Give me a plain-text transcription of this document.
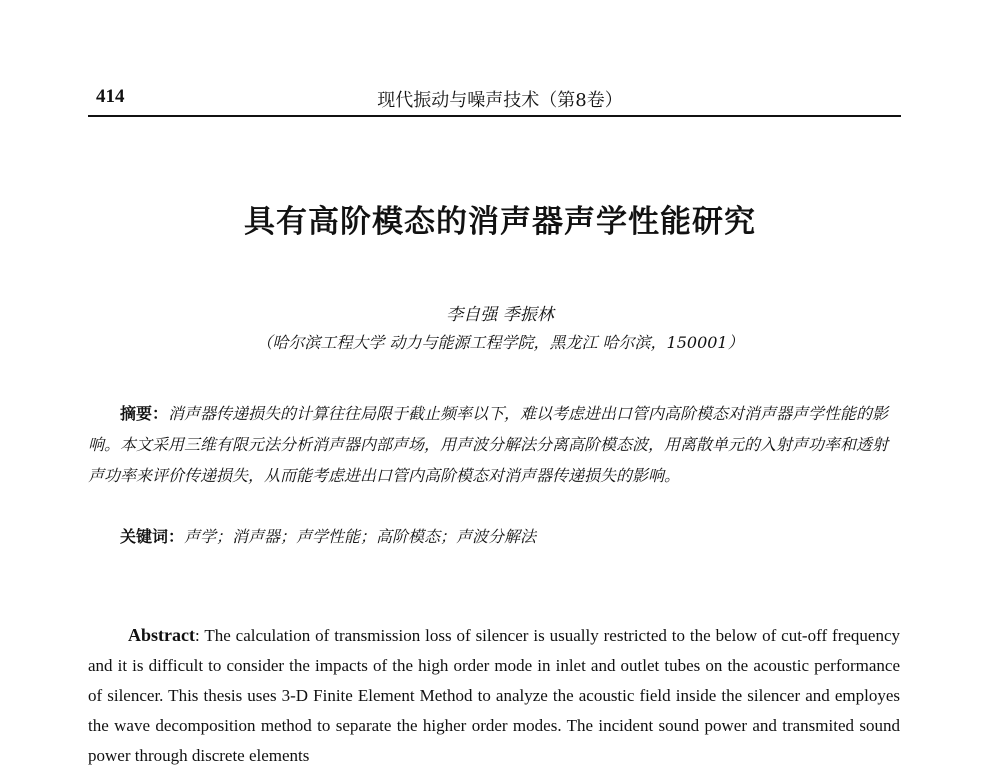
414	现代振动与噪声技术（第8卷）
具有高阶模态的消声器声学性能研究
李自强 季振林
（哈尔滨工程大学 动力与能源工程学院，黑龙江 哈尔滨，150001）
摘要：消声器传递损失的计算往往局限于截止频率以下，难以考虑进出口管内高阶模态对消声器声学性能的影响。本文采用三维有限元法分析消声器内部声场，用声波分解法分离高阶模态波，用离散单元的入射声功率和透射声功率来评价传递损失，从而能考虑进出口管内高阶模态对消声器传递损失的影响。
关键词：声学；消声器；声学性能；高阶模态；声波分解法
Abstract: The calculation of transmission loss of silencer is usually restricted to the below of cut-off frequency and it is difficult to consider the impacts of the high order mode in inlet and outlet tubes on the acoustic performance of silencer. This thesis uses 3-D Finite Element Method to analyze the acoustic field inside the silencer and employes the wave decomposition method to separate the higher order modes. The incident sound power and transmited sound power through discrete elements
